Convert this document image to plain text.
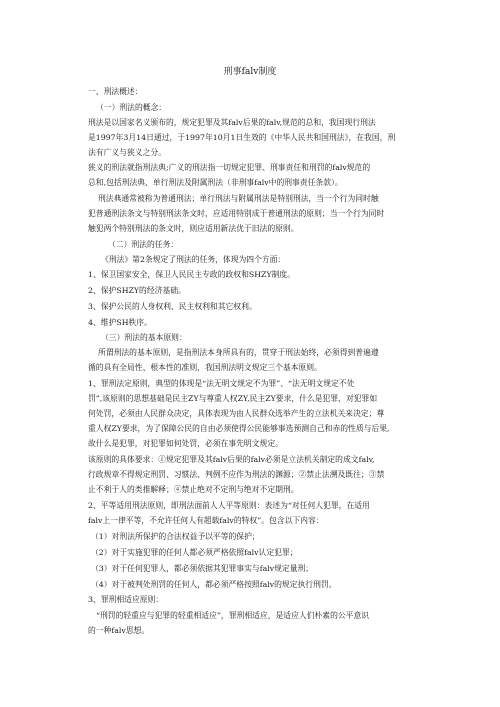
刑事falv制度
一、刑法概述：
（一）刑法的概念：
刑法是以国家名义颁布的，规定犯罪及其falv后果的falv,规范的总和，我国现行刑法
是1997年3月14日通过，于1997年10月1日生效的《中华人民共和国刑法》，在我国，刑
法有广义与狭义之分。
狭义的刑法就指刑法典;广义的刑法指一切规定犯罪、刑事责任和刑罚的falv规范的
总和,包括刑法典、单行刑法及附属刑法（非刑事falv中的刑事责任条款）。
刑法典通常被称为普通刑法；单行刑法与附属刑法是特别刑法，当一个行为同时触
犯普通刑法条文与特别刑法条文时，应适用特别成于普通刑法的原则；当一个行为同时
触犯两个特别刑法的条文时，则应适用新法优于旧法的原则。
（二）刑法的任务：
《刑法》第2条规定了刑法的任务，体现为四个方面：
1、保卫国家安全，保卫人民民主专政的政权和SHZY制度。
2、保护SHZY的经济基础。
3、保护公民的人身权利、民主权利和其它权利。
4、维护SH秩序。
（三）刑法的基本原则：
所谓刑法的基本原则，是指刑法本身所具有的，贯穿于刑法始终，必须得到普遍遵
循的具有全局性、根本性的准则，我国刑法明文规定三个基本原则。
1、罪刑法定原则，典型的体现是“法无明文规定不为罪”、“法无明文规定不处
罚”,该原则的思想基础是民主ZY与尊重人权ZY,民主ZY要求，什么是犯罪，对犯罪如
何处罚，必须由人民群众决定，具体表现为由人民群众选举产生的立法机关来决定；尊
重人权ZY要求，为了保障公民的自由必须使得公民能够事选预测自己和赤的性质与后果,
故什么是犯罪，对犯罪如何处罚，必须在事先明文规定。
该原则的具体要求：①规定犯罪及其falv后果的falv必须是立法机关制定的成文falv,
行政规章不得规定刑罚、习惯法、判例不应作为刑法的渊源；②禁止法溯及既往；③禁
止不利于人的类推解释；④禁止绝对不定刑与绝对不定期刑。
2、平等适用刑法原则，即刑法面前人人平等原则：表述为“对任何人犯罪，在适用
falv上一律平等，不允许任何人有超载falv的特权”。包含以下内容：
（1）对刑法所保护的合法权益予以平等的保护；
（2）对于实施犯罪的任何人都必须严格依照falv认定犯罪；
（3）对于任何犯罪人，都必须依据其犯罪事实与falv规定量刑；
（4）对于被判处刑罚的任何人，都必须严格按照falv的规定执行刑罚。
3、罪刑相适应原则：
“刑罚的轻重应与犯罪的轻重相适应”，罪刑相适应，是适应人们朴素的公平意识
的一种falv思想。
